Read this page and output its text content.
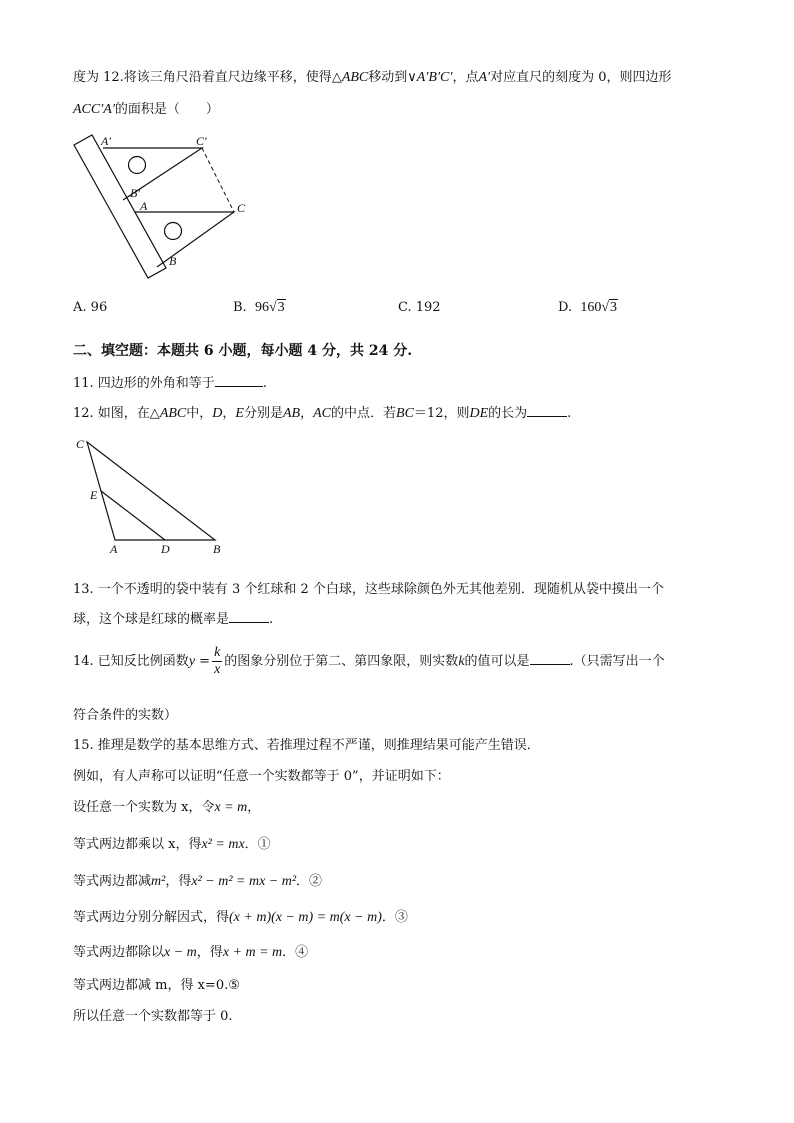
度为 12.将该三角尺沿着直尺边缘平移，使得△ABC移动到∨A′B′C′，点A′对应直尺的刻度为 0，则四边形
ACC′A′的面积是（　　）
A′	C′
B′
A	C
B
A. 96	B. 96√3	C. 192	D. 160√3
二、填空题：本题共 6 小题，每小题 4 分，共 24 分.
11. 四边形的外角和等于	.
12. 如图，在△ABC中，D，E分别是AB，AC的中点．若BC＝12，则DE的长为	.
C
E
A	D	B
13. 一个不透明的袋中装有 3 个红球和 2 个白球，这些球除颜色外无其他差别．现随机从袋中摸出一个
球，这个球是红球的概率是	.
14. 已知反比例函数$y = \frac{k}{x}$ 的图象分别位于第二、第四象限，则实数k的值可以是	.（只需写出一个
符合条件的实数）
15. 推理是数学的基本思维方式、若推理过程不严谨，则推理结果可能产生错误．
例如，有人声称可以证明“任意一个实数都等于 0”，并证明如下：
设任意一个实数为 x，令x = m，
等式两边都乘以 x，得x² = mx．①
等式两边都减m²，得x² − m² = mx − m²．②
等式两边分别分解因式，得(x + m)(x − m) = m(x − m)．③
等式两边都除以x − m，得x + m = m．④
等式两边都减 m，得 x=0.⑤
所以任意一个实数都等于 0.
